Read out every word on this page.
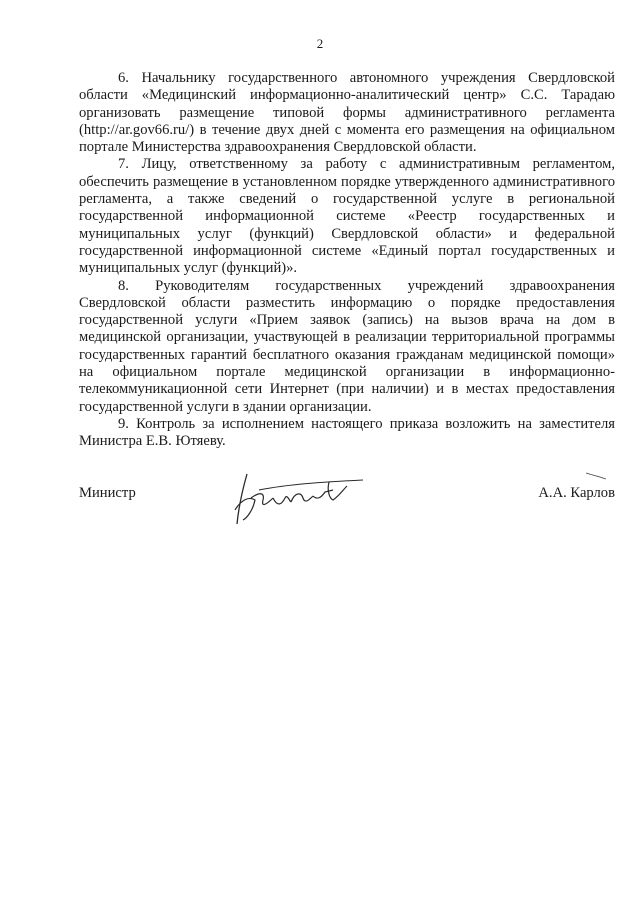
2

6. Начальнику государственного автономного учреждения Свердловской области «Медицинский информационно-аналитический центр» С.С. Тарадаю организовать размещение типовой формы административного регламента (http://ar.gov66.ru/) в течение двух дней с момента его размещения на официальном портале Министерства здравоохранения Свердловской области.

7. Лицу, ответственному за работу с административным регламентом, обеспечить размещение в установленном порядке утвержденного административного регламента, а также сведений о государственной услуге в региональной государственной информационной системе «Реестр государственных и муниципальных услуг (функций) Свердловской области» и федеральной государственной информационной системе «Единый портал государственных и муниципальных услуг (функций)».

8. Руководителям государственных учреждений здравоохранения Свердловской области разместить информацию о порядке предоставления государственной услуги «Прием заявок (запись) на вызов врача на дом в медицинской организации, участвующей в реализации территориальной программы государственных гарантий бесплатного оказания гражданам медицинской помощи» на официальном портале медицинской организации в информационно-телекоммуникационной сети Интернет (при наличии) и в местах предоставления государственной услуги в здании организации.

9. Контроль за исполнением настоящего приказа возложить на заместителя Министра Е.В. Ютяеву.

Министр	А.А. Карлов
